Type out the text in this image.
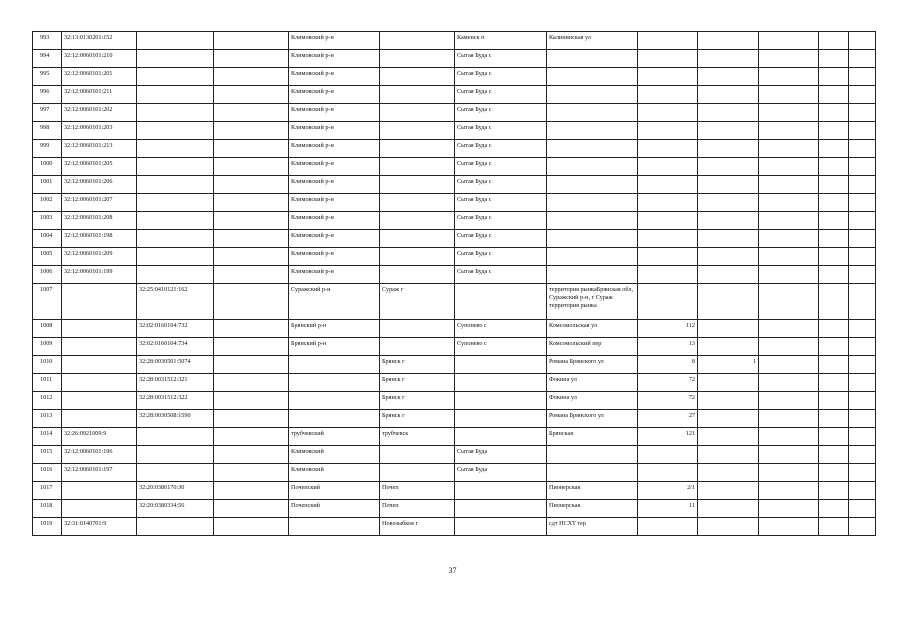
993	32:13:0130201:152			Климовский р-н		Каменск п	Калининская ул					
994	32:12:0060101:210			Климовский р-н		Сытая Буда с						
995	32:12:0060101:201			Климовский р-н		Сытая Буда с						
996	32:12:0060101:211			Климовский р-н		Сытая Буда с						
997	32:12:0060101:202			Климовский р-н		Сытая Буда с						
998	32:12:0060101:203			Климовский р-н		Сытая Буда с						
999	32:12:0060101:213			Климовский р-н		Сытая Буда с						
1000	32:12:0060101:205			Климовский р-н		Сытая Буда с						
1001	32:12:0060101:206			Климовский р-н		Сытая Буда с						
1002	32:12:0060101:207			Климовский р-н		Сытая Буда с						
1003	32:12:0060101:208			Климовский р-н		Сытая Буда с						
1004	32:12:0060101:198			Климовский р-н		Сытая Буда с						
1005	32:12:0060101:209			Климовский р-н		Сытая Буда с						
1006	32:12:0060101:199			Климовский р-н		Сытая Буда с						
1007		32:25:0410121:162		Суражский р-н	Сураж г		территория рынкаБрянская обл, Суражский р-н, г Сураж территория рынка					
1008		32:02:0160104:732		Брянский р-н		Супонево с	Комсомольская ул	112				
1009		32:02:0160104:734		Брянский р-н		Супонево с	Комсомольский пер	13				
1010		32:28:0030501:5074			Брянск г		Романа Брянского ул	8	1			
1011		32:28:0031512:321			Брянск г		Фокина ул	72				
1012		32:28:0031512:322			Брянск г		Фокина ул	72				
1013		32:28:0030508:1590			Брянск г		Романа Брянского ул	27				
1014	32:26:0921009:9			трубчевский	трубчевск		Брянская	121				
1015	32:12:0060101:196			Климовский		Сытая Буда						
1016	32:12:0060101:197			Климовский		Сытая Буда						
1017		32:20:0380170:30		Почепский	Почеп		Пионерская	2/1				
1018		32:20:0380334:56		Почепский	Почеп		Пионерская	11				
1019	32:31:0140701:9				Новозыбков г		сдт НСХТ тер					
37
